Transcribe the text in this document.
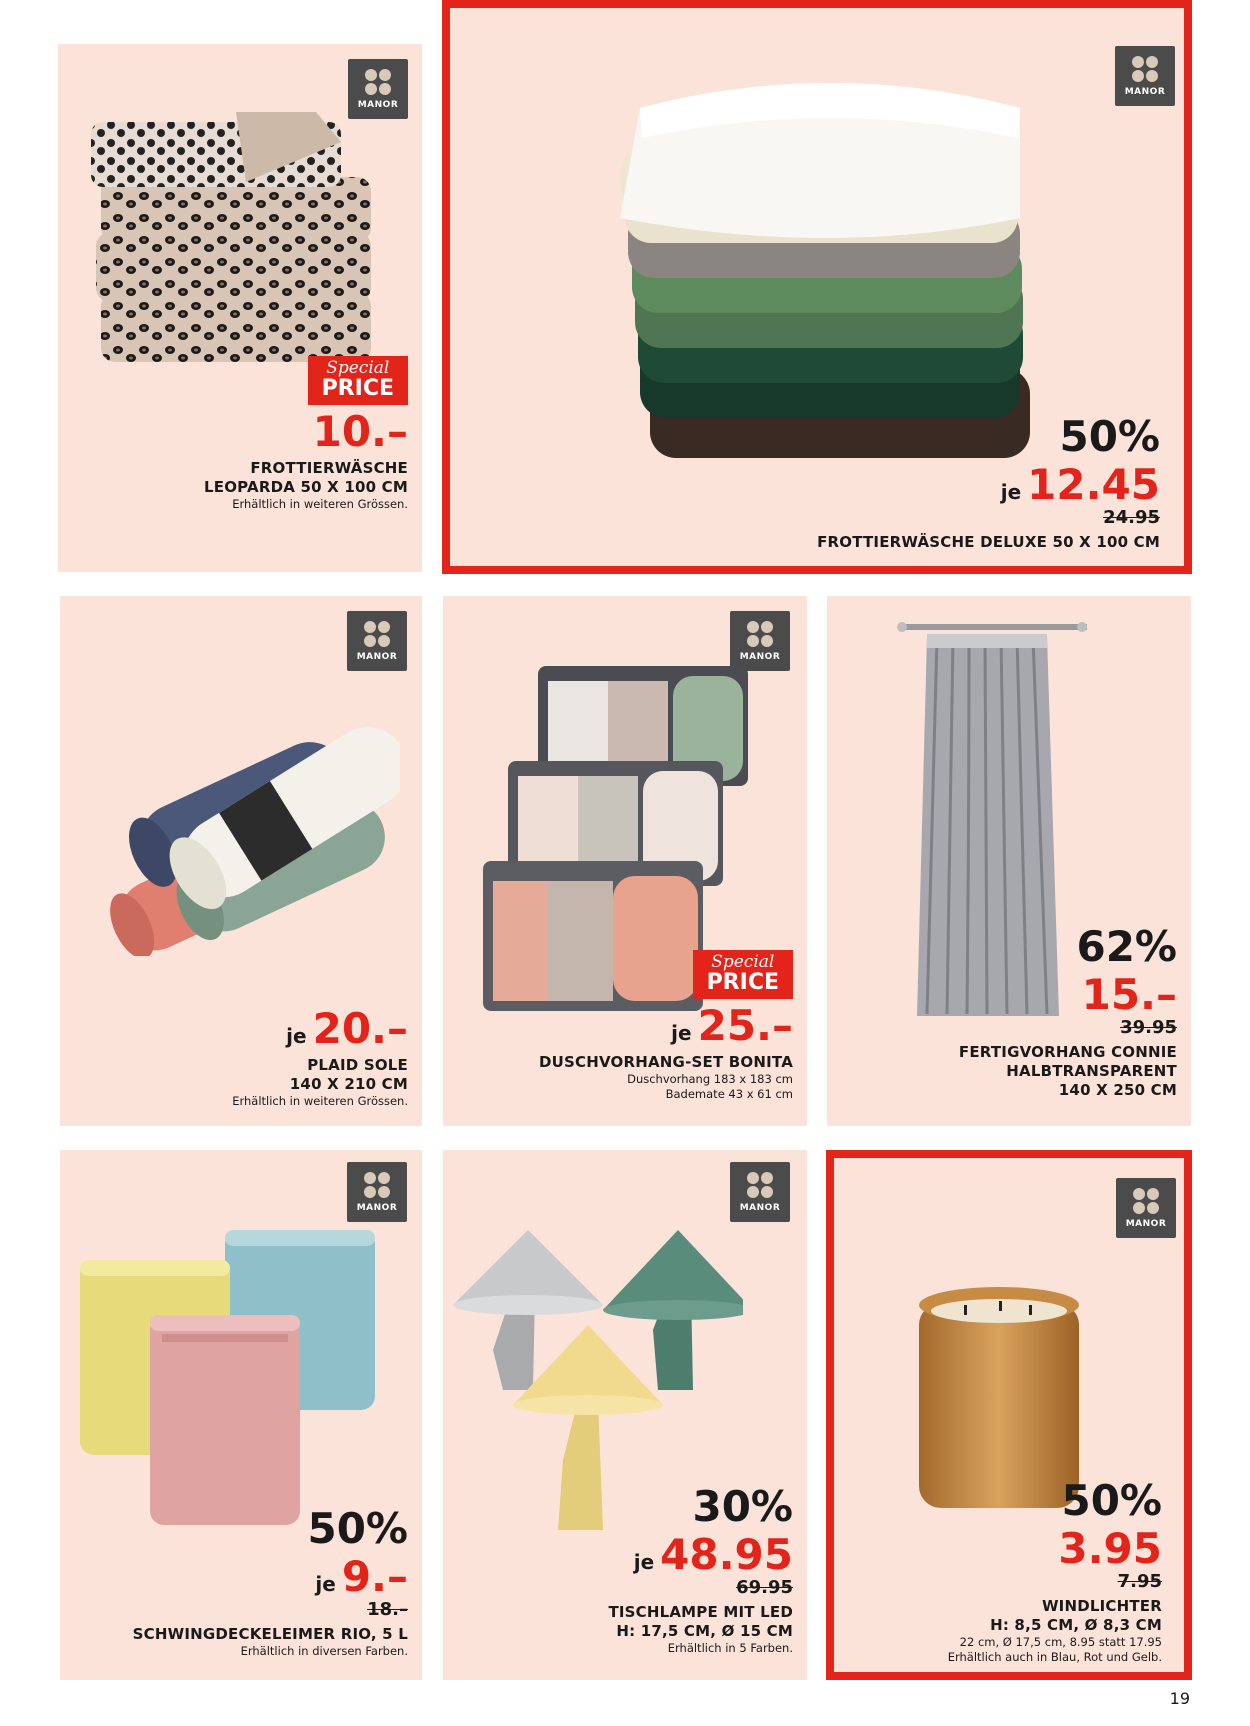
MANOR
Special
PRICE
10.–
FROTTIERWÄSCHE
LEOPARDA 50 X 100 CM
Erhältlich in weiteren Grössen.
MANOR
50%
je 12.45
24.95
FROTTIERWÄSCHE DELUXE 50 X 100 CM
MANOR
je 20.–
PLAID SOLE
140 X 210 CM
Erhältlich in weiteren Grössen.
MANOR
Special
PRICE
je 25.–
DUSCHVORHANG-SET BONITA
Duschvorhang 183 x 183 cm
Bademate 43 x 61 cm
62%
15.–
39.95
FERTIGVORHANG CONNIE
HALBTRANSPARENT
140 X 250 CM
MANOR
50%
je 9.–
18.–
SCHWINGDECKELEIMER RIO, 5 L
Erhältlich in diversen Farben.
MANOR
30%
je 48.95
69.95
TISCHLAMPE MIT LED
H: 17,5 CM, Ø 15 CM
Erhältlich in 5 Farben.
MANOR
50%
3.95
7.95
WINDLICHTER
H: 8,5 CM, Ø 8,3 CM
22 cm, Ø 17,5 cm, 8.95 statt 17.95
Erhältlich auch in Blau, Rot und Gelb.
19
